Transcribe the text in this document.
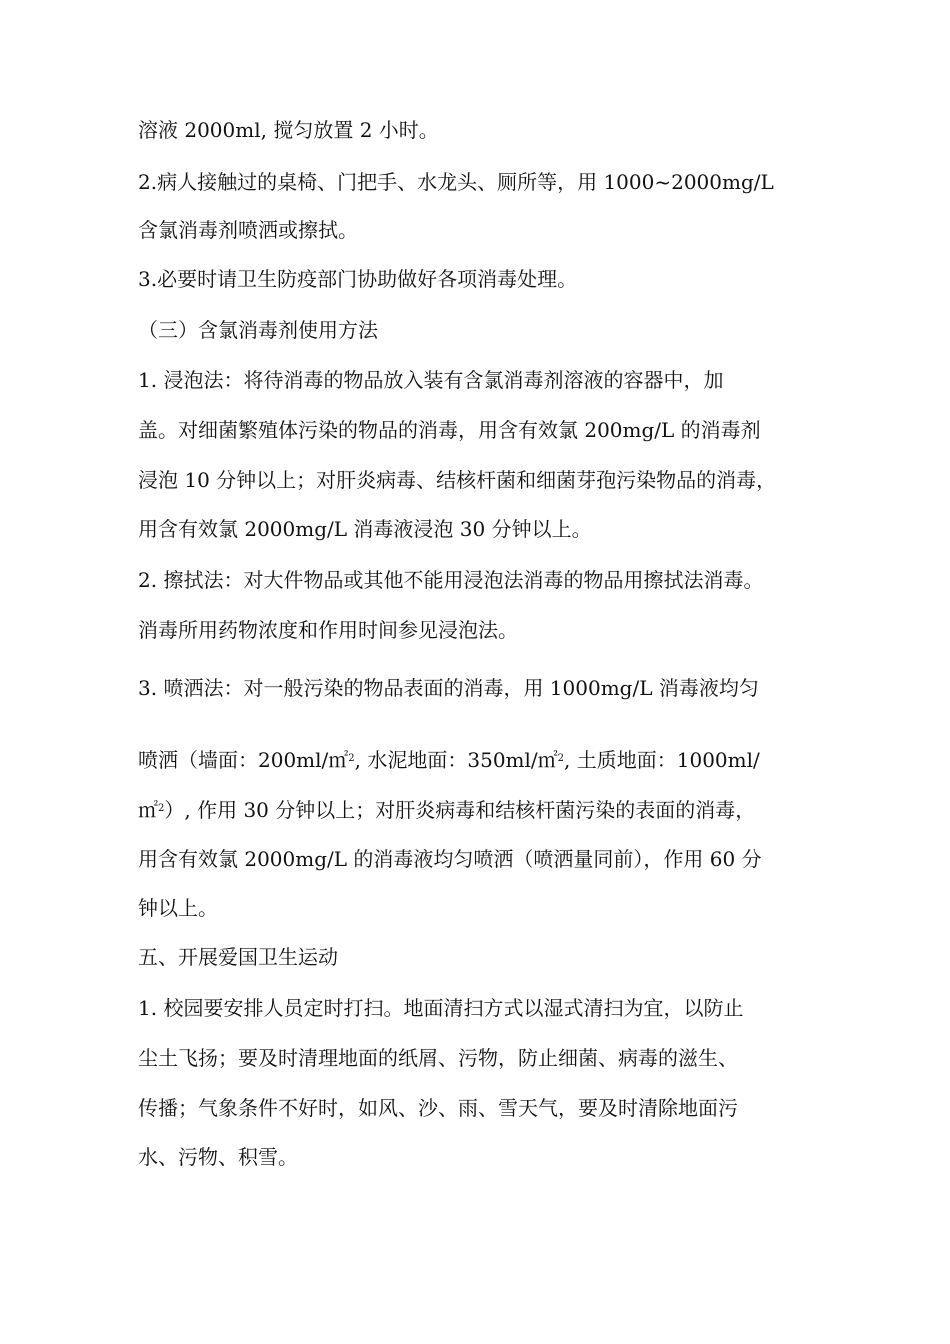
溶液 2000ml, 搅匀放置 2 小时。
2.病人接触过的桌椅、门把手、水龙头、厕所等，用 1000~2000mg/L
含氯消毒剂喷洒或擦拭。
3.必要时请卫生防疫部门协助做好各项消毒处理。
（三）含氯消毒剂使用方法
1. 浸泡法：将待消毒的物品放入装有含氯消毒剂溶液的容器中，加
盖。对细菌繁殖体污染的物品的消毒，用含有效氯 200mg/L 的消毒剂
浸泡 10 分钟以上；对肝炎病毒、结核杆菌和细菌芽孢污染物品的消毒，
用含有效氯 2000mg/L 消毒液浸泡 30 分钟以上。
2. 擦拭法：对大件物品或其他不能用浸泡法消毒的物品用擦拭法消毒。
消毒所用药物浓度和作用时间参见浸泡法。
3. 喷洒法：对一般污染的物品表面的消毒，用 1000mg/L 消毒液均匀
喷洒（墙面：200ml/㎡$^2$, 水泥地面：350ml/㎡$^2$, 土质地面：1000ml/
㎡$^2$）, 作用 30 分钟以上；对肝炎病毒和结核杆菌污染的表面的消毒，
用含有效氯 2000mg/L 的消毒液均匀喷洒（喷洒量同前），作用 60 分
钟以上。
五、开展爱国卫生运动
1. 校园要安排人员定时打扫。地面清扫方式以湿式清扫为宜，以防止
尘土飞扬；要及时清理地面的纸屑、污物，防止细菌、病毒的滋生、
传播；气象条件不好时，如风、沙、雨、雪天气，要及时清除地面污
水、污物、积雪。
